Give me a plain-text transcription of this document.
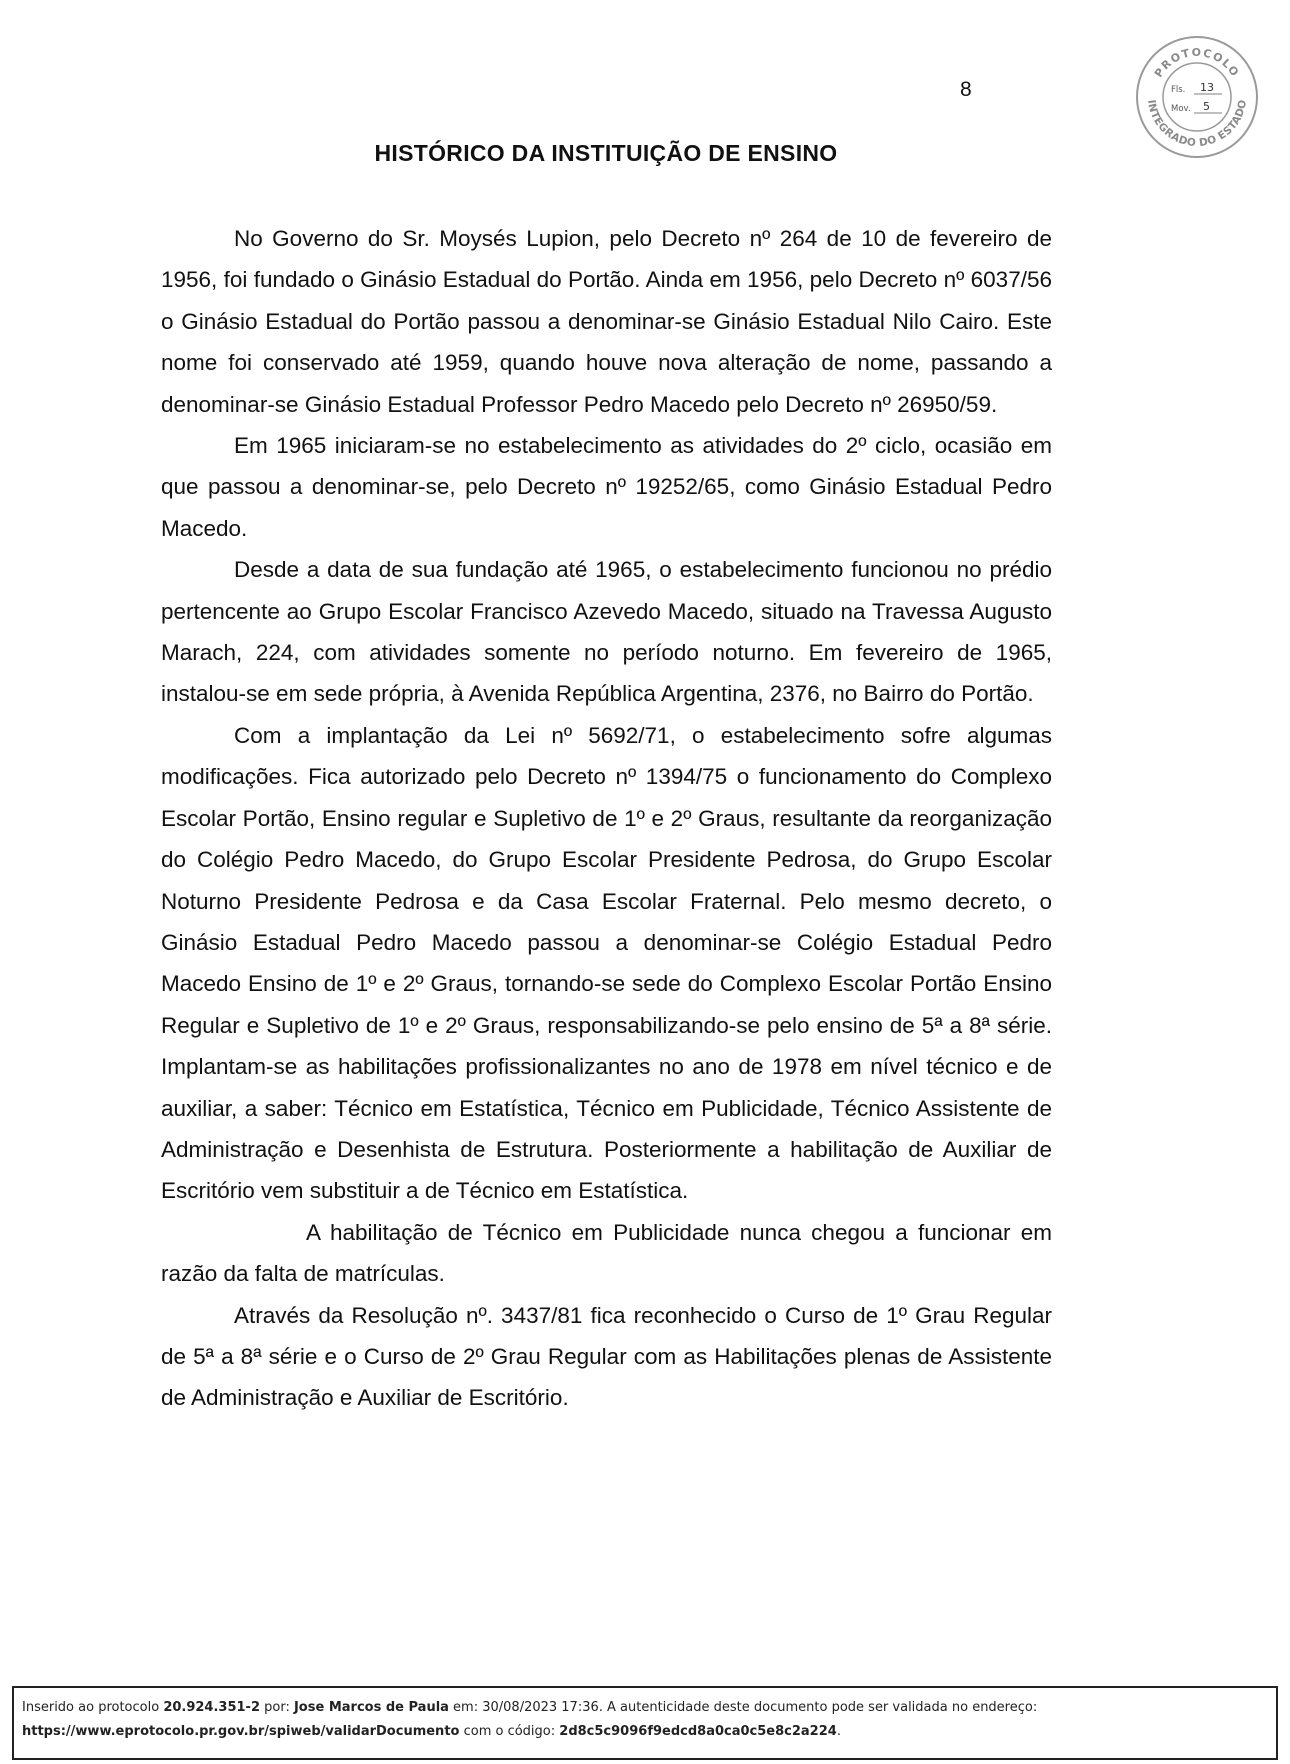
8
PROTOCOLO
INTEGRADO DO ESTADO
Fls. 13
Mov. 5
HISTÓRICO DA INSTITUIÇÃO DE ENSINO

No Governo do Sr. Moysés Lupion, pelo Decreto nº 264 de 10 de fevereiro de 1956, foi fundado o Ginásio Estadual do Portão. Ainda em 1956, pelo Decreto nº 6037/56 o Ginásio Estadual do Portão passou a denominar-se Ginásio Estadual Nilo Cairo. Este nome foi conservado até 1959, quando houve nova alteração de nome, passando a denominar-se Ginásio Estadual Professor Pedro Macedo pelo Decreto nº 26950/59.

Em 1965 iniciaram-se no estabelecimento as atividades do 2º ciclo, ocasião em que passou a denominar-se, pelo Decreto nº 19252/65, como Ginásio Estadual Pedro Macedo.

Desde a data de sua fundação até 1965, o estabelecimento funcionou no prédio pertencente ao Grupo Escolar Francisco Azevedo Macedo, situado na Travessa Augusto Marach, 224, com atividades somente no período noturno. Em fevereiro de 1965, instalou-se em sede própria, à Avenida República Argentina, 2376, no Bairro do Portão.

Com a implantação da Lei nº 5692/71, o estabelecimento sofre algumas modificações. Fica autorizado pelo Decreto nº 1394/75 o funcionamento do Complexo Escolar Portão, Ensino regular e Supletivo de 1º e 2º Graus, resultante da reorganização do Colégio Pedro Macedo, do Grupo Escolar Presidente Pedrosa, do Grupo Escolar Noturno Presidente Pedrosa e da Casa Escolar Fraternal. Pelo mesmo decreto, o Ginásio Estadual Pedro Macedo passou a denominar-se Colégio Estadual Pedro Macedo Ensino de 1º e 2º Graus, tornando-se sede do Complexo Escolar Portão Ensino Regular e Supletivo de 1º e 2º Graus, responsabilizando-se pelo ensino de 5ª a 8ª série. Implantam-se as habilitações profissionalizantes no ano de 1978 em nível técnico e de auxiliar, a saber: Técnico em Estatística, Técnico em Publicidade, Técnico Assistente de Administração e Desenhista de Estrutura. Posteriormente a habilitação de Auxiliar de Escritório vem substituir a de Técnico em Estatística.

A habilitação de Técnico em Publicidade nunca chegou a funcionar em razão da falta de matrículas.

Através da Resolução nº. 3437/81 fica reconhecido o Curso de 1º Grau Regular de 5ª a 8ª série e o Curso de 2º Grau Regular com as Habilitações plenas de Assistente de Administração e Auxiliar de Escritório.

Inserido ao protocolo 20.924.351-2 por: Jose Marcos de Paula em: 30/08/2023 17:36. A autenticidade deste documento pode ser validada no endereço:
https://www.eprotocolo.pr.gov.br/spiweb/validarDocumento com o código: 2d8c5c9096f9edcd8a0ca0c5e8c2a224.
